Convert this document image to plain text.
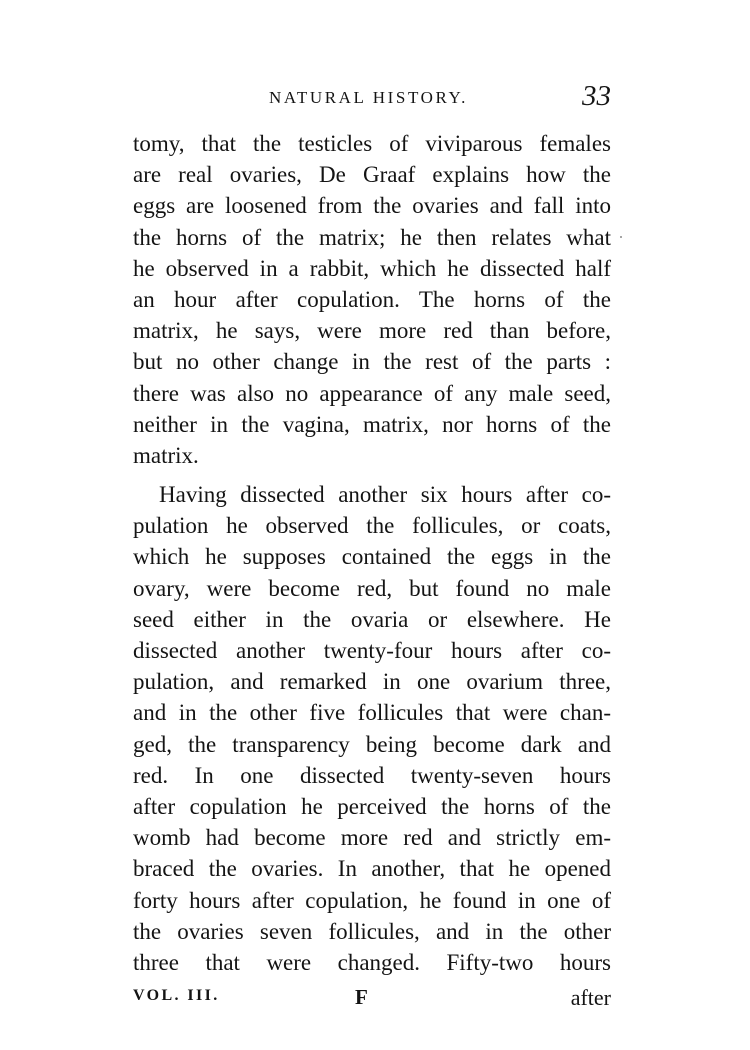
NATURAL HISTORY.	33
tomy, that the testicles of viviparous females
are real ovaries, De Graaf explains how the
eggs are loosened from the ovaries and fall into
the horns of the matrix; he then relates what
he observed in a rabbit, which he dissected half
an hour after copulation. The horns of the
matrix, he says, were more red than before,
but no other change in the rest of the parts :
there was also no appearance of any male seed,
neither in the vagina, matrix, nor horns of the
matrix.
Having dissected another six hours after co-
pulation he observed the follicules, or coats,
which he supposes contained the eggs in the
ovary, were become red, but found no male
seed either in the ovaria or elsewhere. He
dissected another twenty-four hours after co-
pulation, and remarked in one ovarium three,
and in the other five follicules that were chan-
ged, the transparency being become dark and
red. In one dissected twenty-seven hours
after copulation he perceived the horns of the
womb had become more red and strictly em-
braced the ovaries. In another, that he opened
forty hours after copulation, he found in one of
the ovaries seven follicules, and in the other
three that were changed. Fifty-two hours
VOL. III.	F	after
